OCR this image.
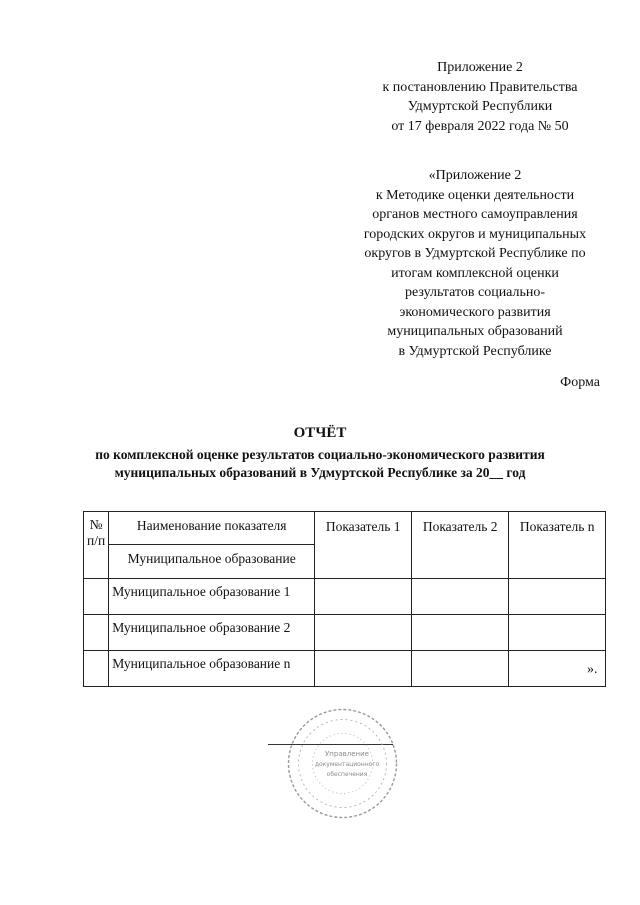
Приложение 2
к постановлению Правительства
Удмуртской Республики
от 17 февраля 2022 года № 50
«Приложение 2
к Методике оценки деятельности
органов местного самоуправления
городских округов и муниципальных
округов в Удмуртской Республике по
итогам комплексной оценки
результатов социально-
экономического развития
муниципальных образований
в Удмуртской Республике
Форма
ОТЧЁТ
по комплексной оценке результатов социально-экономического развития
муниципальных образований в Удмуртской Республике за 20__ год
№
п/п	Наименование показателя	Показатель 1	Показатель 2	Показатель n
	Муниципальное образование			
	Муниципальное образование 1			
	Муниципальное образование 2			
	Муниципальное образование n				».
Управление
документационного
обеспечения
